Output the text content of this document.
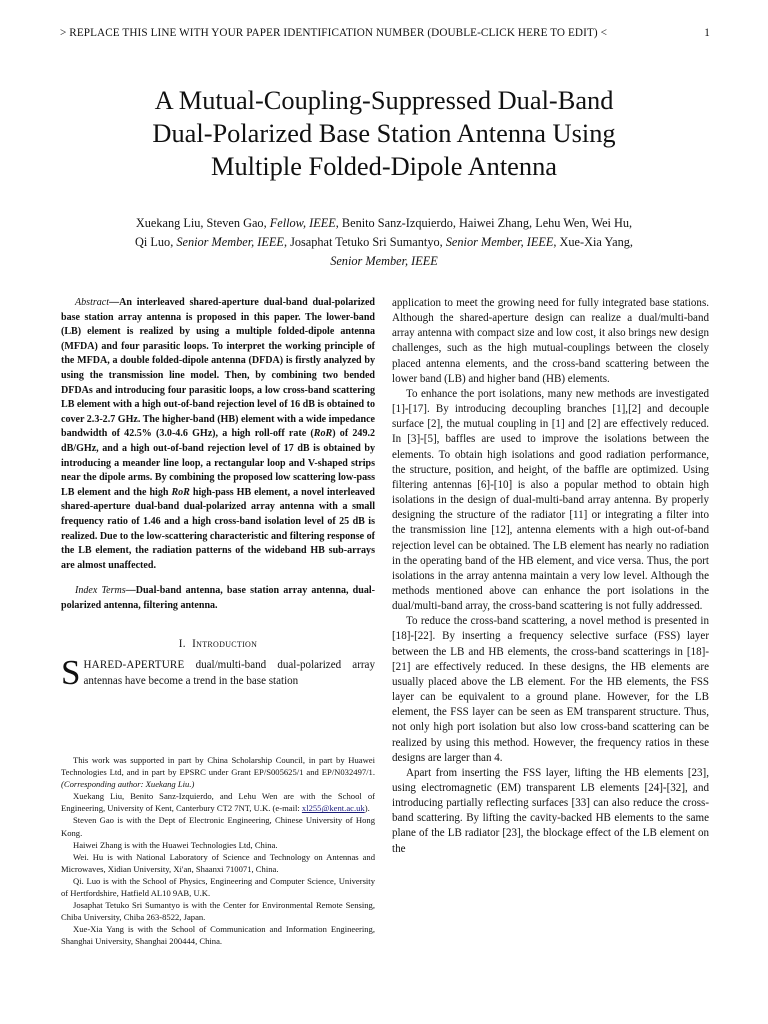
> REPLACE THIS LINE WITH YOUR PAPER IDENTIFICATION NUMBER (DOUBLE-CLICK HERE TO EDIT) <	1
A Mutual-Coupling-Suppressed Dual-Band
Dual-Polarized Base Station Antenna Using
Multiple Folded-Dipole Antenna
Xuekang Liu, Steven Gao, Fellow, IEEE, Benito Sanz-Izquierdo, Haiwei Zhang, Lehu Wen, Wei Hu,
Qi Luo, Senior Member, IEEE, Josaphat Tetuko Sri Sumantyo, Senior Member, IEEE, Xue-Xia Yang,
Senior Member, IEEE

Abstract—An interleaved shared-aperture dual-band dual-polarized base station array antenna is proposed in this paper. The lower-band (LB) element is realized by using a multiple folded-dipole antenna (MFDA) and four parasitic loops. To interpret the working principle of the MFDA, a double folded-dipole antenna (DFDA) is firstly analyzed by using the transmission line model. Then, by combining two bended DFDAs and introducing four parasitic loops, a low cross-band scattering LB element with a high out-of-band rejection level of 16 dB is obtained to cover 2.3-2.7 GHz. The higher-band (HB) element with a wide impedance bandwidth of 42.5% (3.0-4.6 GHz), a high roll-off rate (RoR) of 249.2 dB/GHz, and a high out-of-band rejection level of 17 dB is obtained by introducing a meander line loop, a rectangular loop and V-shaped strips near the dipole arms. By combining the proposed low scattering low-pass LB element and the high RoR high-pass HB element, a novel interleaved shared-aperture dual-band dual-polarized array antenna with a small frequency ratio of 1.46 and a high cross-band isolation level of 25 dB is realized. Due to the low-scattering characteristic and filtering response of the LB element, the radiation patterns of the wideband HB sub-arrays are almost unaffected.

Index Terms—Dual-band antenna, base station array antenna, dual-polarized antenna, filtering antenna.

I. Introduction

SHARED-APERTURE dual/multi-band dual-polarized array antennas have become a trend in the base station

This work was supported in part by China Scholarship Council, in part by Huawei Technologies Ltd, and in part by EPSRC under Grant EP/S005625/1 and EP/N032497/1. (Corresponding author: Xuekang Liu.)

Xuekang Liu, Benito Sanz-Izquierdo, and Lehu Wen are with the School of Engineering, University of Kent, Canterbury CT2 7NT, U.K. (e-mail: xl255@kent.ac.uk).

Steven Gao is with the Dept of Electronic Engineering, Chinese University of Hong Kong.

Haiwei Zhang is with the Huawei Technologies Ltd, China.

Wei. Hu is with National Laboratory of Science and Technology on Antennas and Microwaves, Xidian University, Xi'an, Shaanxi 710071, China.

Qi. Luo is with the School of Physics, Engineering and Computer Science, University of Hertfordshire, Hatfield AL10 9AB, U.K.

Josaphat Tetuko Sri Sumantyo is with the Center for Environmental Remote Sensing, Chiba University, Chiba 263-8522, Japan.

Xue-Xia Yang is with the School of Communication and Information Engineering, Shanghai University, Shanghai 200444, China.

application to meet the growing need for fully integrated base stations. Although the shared-aperture design can realize a dual/multi-band array antenna with compact size and low cost, it also brings new design challenges, such as the high mutual-couplings between the closely placed antenna elements, and the cross-band scattering between the lower band (LB) and higher band (HB) elements.

To enhance the port isolations, many new methods are investigated [1]-[17]. By introducing decoupling branches [1],[2] and decouple surface [2], the mutual coupling in [1] and [2] are effectively reduced. In [3]-[5], baffles are used to improve the isolations between the elements. To obtain high isolations and good radiation performance, the structure, position, and height, of the baffle are optimized. Using filtering antennas [6]-[10] is also a popular method to obtain high isolations in the design of dual-multi-band array antenna. By properly designing the structure of the radiator [11] or integrating a filter into the transmission line [12], antenna elements with a high out-of-band rejection level can be obtained. The LB element has nearly no radiation in the operating band of the HB element, and vice versa. Thus, the port isolations in the array antenna maintain a very low level. Although the methods mentioned above can enhance the port isolations in the dual/multi-band array, the cross-band scattering is not fully addressed.

To reduce the cross-band scattering, a novel method is presented in [18]-[22]. By inserting a frequency selective surface (FSS) layer between the LB and HB elements, the cross-band scatterings in [18]-[21] are effectively reduced. In these designs, the HB elements are usually placed above the LB element. For the HB elements, the FSS layer can be equivalent to a ground plane. However, for the LB element, the FSS layer can be seen as EM transparent structure. Thus, not only high port isolation but also low cross-band scattering can be realized by using this method. However, the frequency ratios in these designs are larger than 4.

Apart from inserting the FSS layer, lifting the HB elements [23], using electromagnetic (EM) transparent LB elements [24]-[32], and introducing partially reflecting surfaces [33] can also reduce the cross-band scattering. By lifting the cavity-backed HB elements to the same plane of the LB radiator [23], the blockage effect of the LB element on the
